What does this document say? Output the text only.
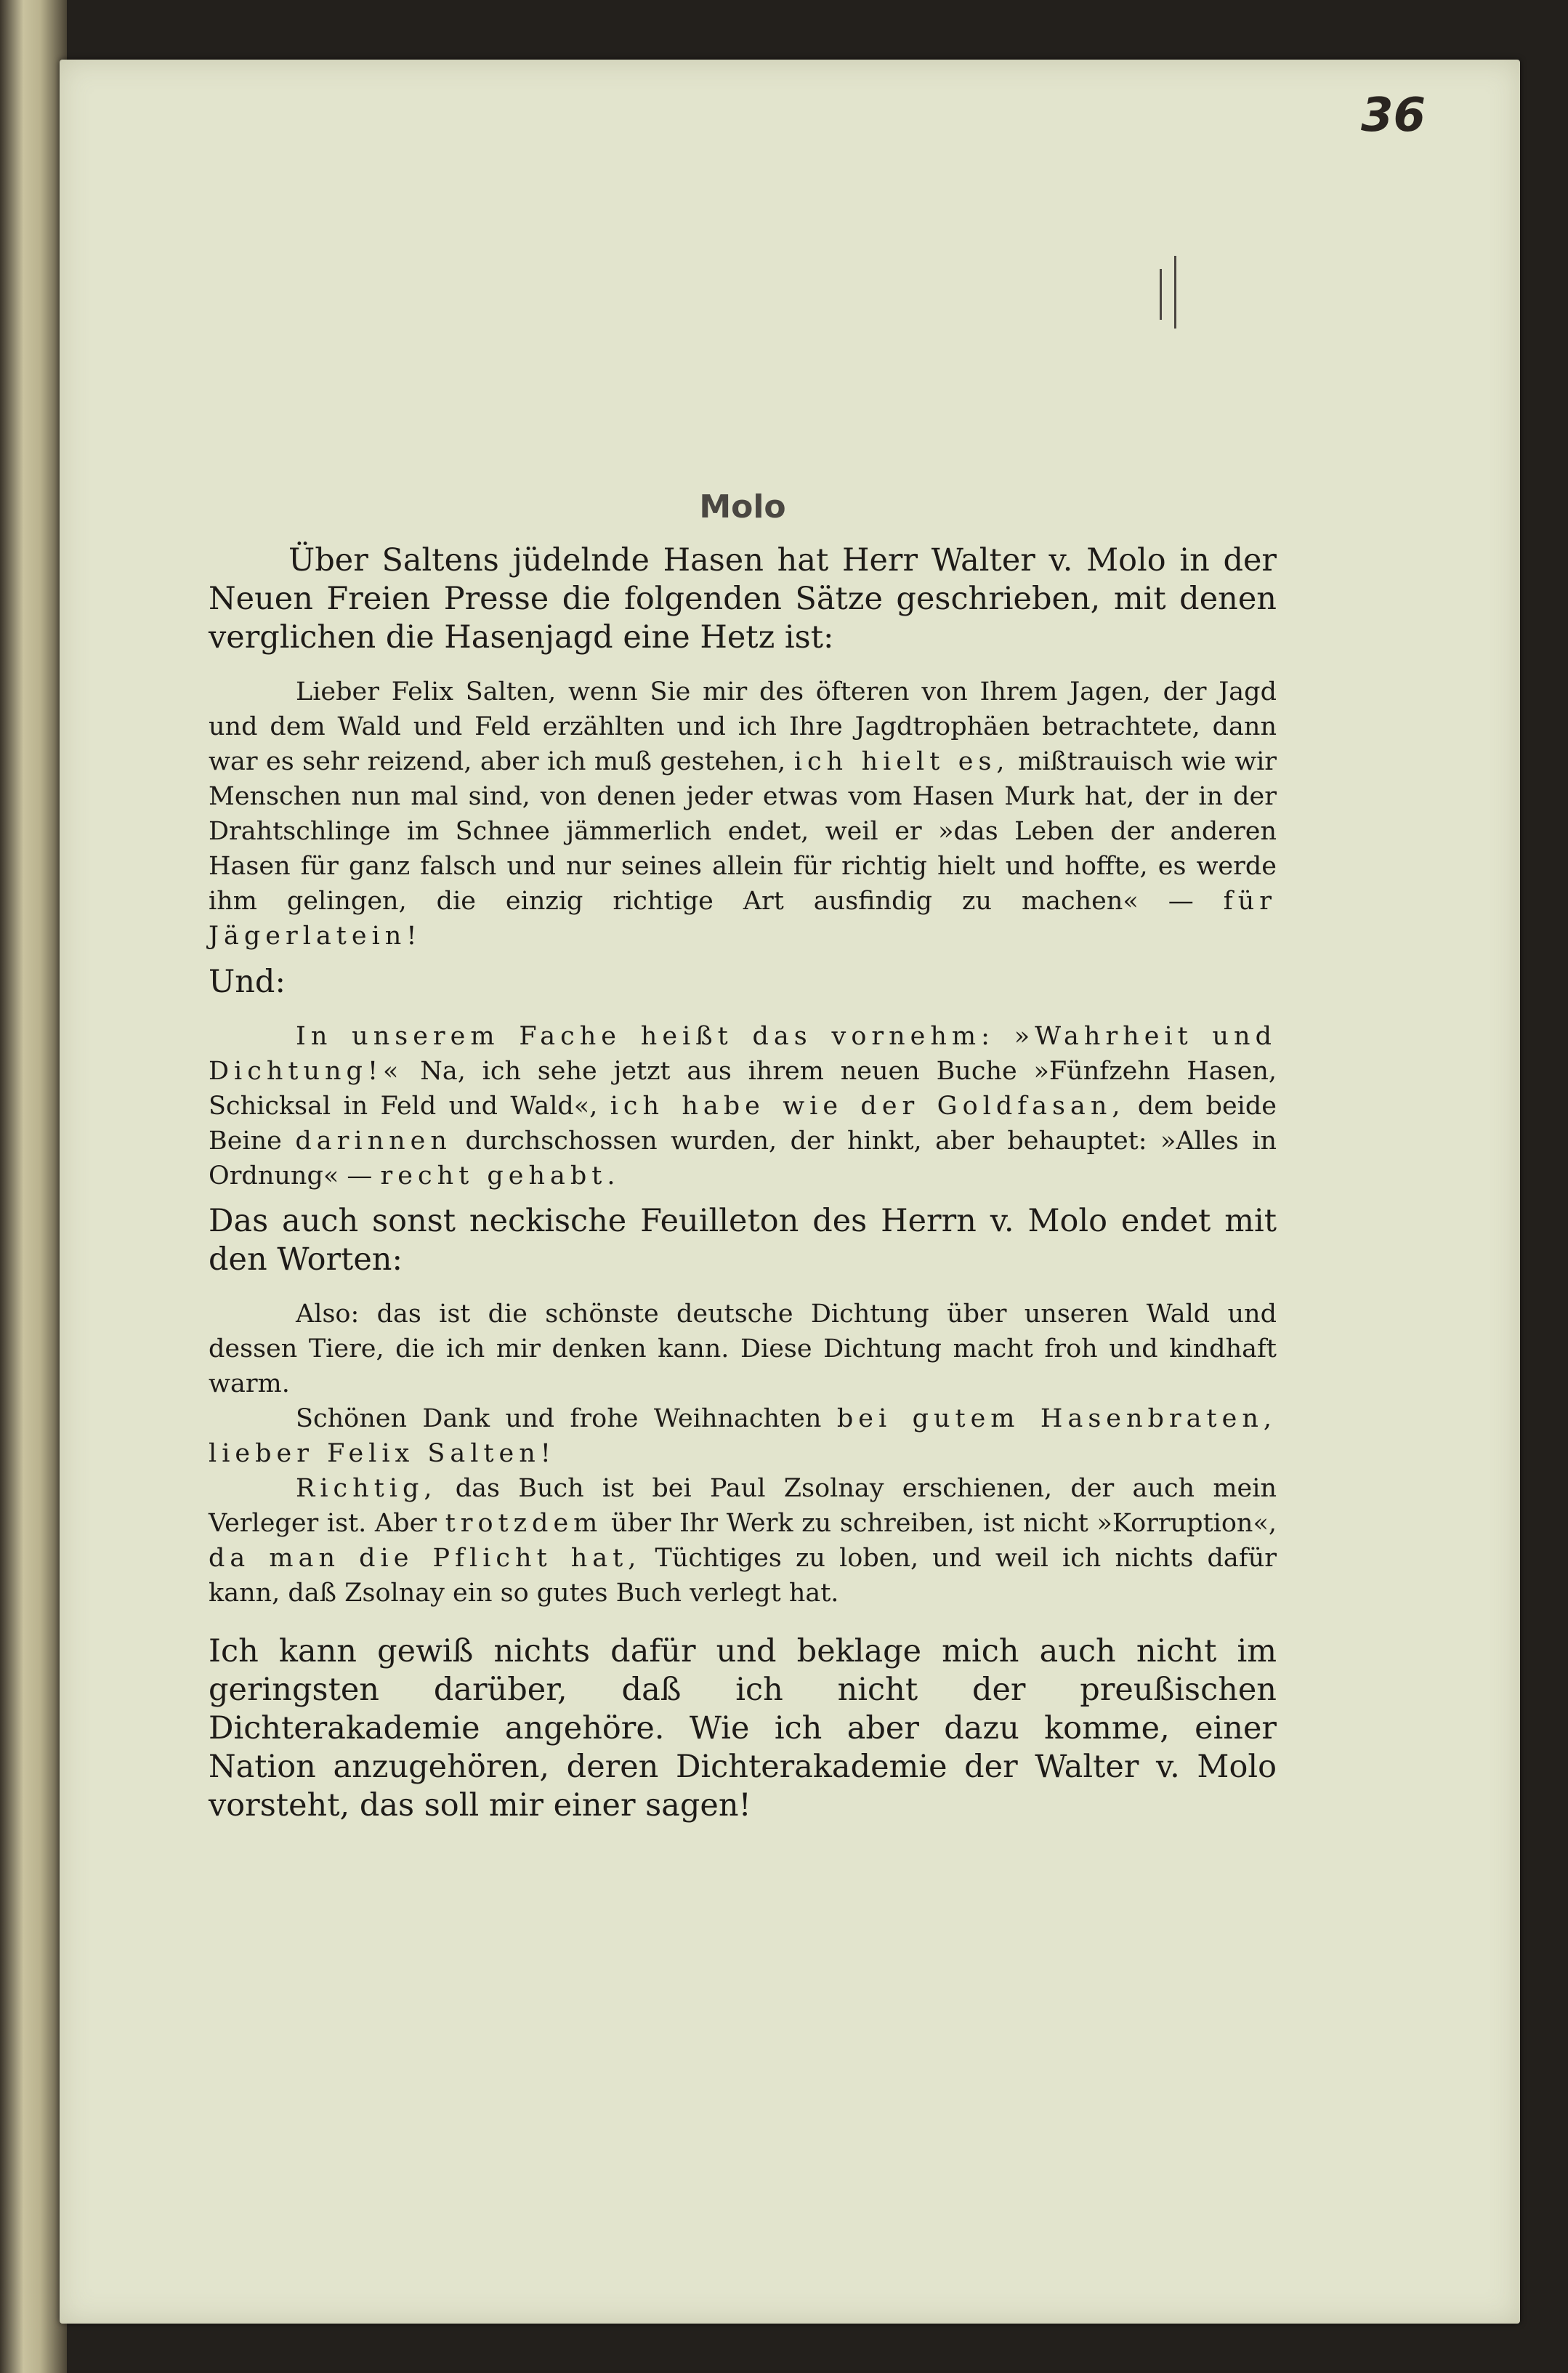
36
Molo

Über Saltens jüdelnde Hasen hat Herr Walter v. Molo in der Neuen Freien Presse die folgenden Sätze geschrieben, mit denen verglichen die Hasenjagd eine Hetz ist:

Lieber Felix Salten, wenn Sie mir des öfteren von Ihrem Jagen, der Jagd und dem Wald und Feld erzählten und ich Ihre Jagdtrophäen betrachtete, dann war es sehr reizend, aber ich muß gestehen, ich hielt es, mißtrauisch wie wir Menschen nun mal sind, von denen jeder etwas vom Hasen Murk hat, der in der Drahtschlinge im Schnee jämmerlich endet, weil er »das Leben der anderen Hasen für ganz falsch und nur seines allein für richtig hielt und hoffte, es werde ihm gelingen, die einzig richtige Art ausfindig zu machen« — für Jägerlatein!

Und:

In unserem Fache heißt das vornehm: »Wahrheit und Dichtung!« Na, ich sehe jetzt aus ihrem neuen Buche »Fünfzehn Hasen, Schicksal in Feld und Wald«, ich habe wie der Goldfasan, dem beide Beine darinnen durchschossen wurden, der hinkt, aber behauptet: »Alles in Ordnung« — recht gehabt.

Das auch sonst neckische Feuilleton des Herrn v. Molo endet mit den Worten:

Also: das ist die schönste deutsche Dichtung über unseren Wald und dessen Tiere, die ich mir denken kann. Diese Dichtung macht froh und kindhaft warm.

Schönen Dank und frohe Weihnachten bei gutem Hasenbraten, lieber Felix Salten!

Richtig, das Buch ist bei Paul Zsolnay erschienen, der auch mein Verleger ist. Aber trotzdem über Ihr Werk zu schreiben, ist nicht »Korruption«, da man die Pflicht hat, Tüchtiges zu loben, und weil ich nichts dafür kann, daß Zsolnay ein so gutes Buch verlegt hat.

Ich kann gewiß nichts dafür und beklage mich auch nicht im geringsten darüber, daß ich nicht der preußischen Dichterakademie angehöre. Wie ich aber dazu komme, einer Nation anzugehören, deren Dichterakademie der Walter v. Molo vorsteht, das soll mir einer sagen!
